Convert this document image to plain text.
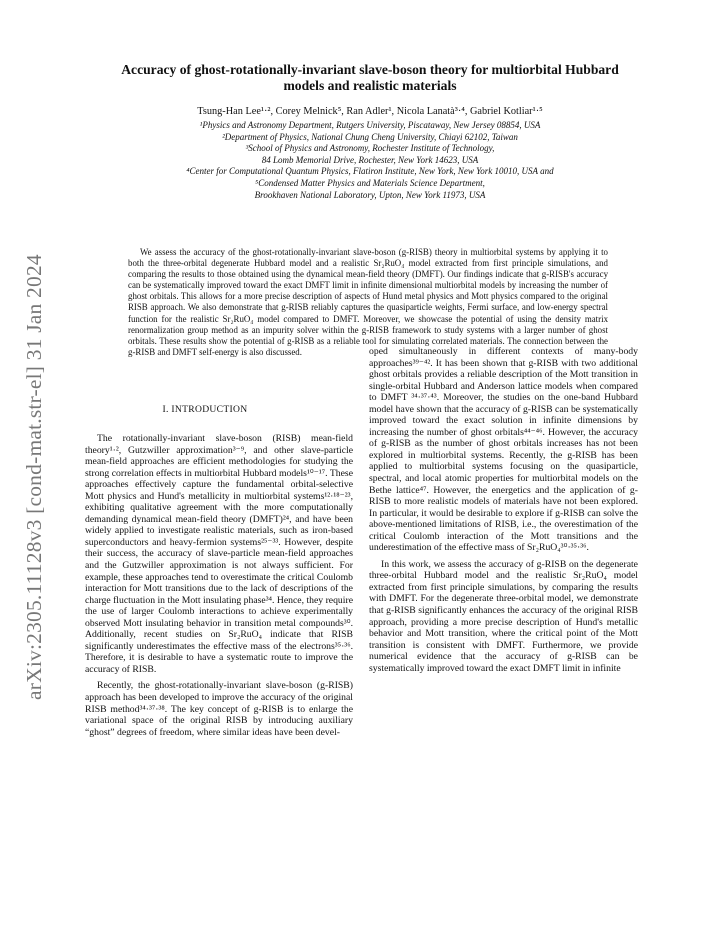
arXiv:2305.11128v3 [cond-mat.str-el] 31 Jan 2024
Accuracy of ghost-rotationally-invariant slave-boson theory for multiorbital Hubbard
models and realistic materials
Tsung-Han Lee¹·², Corey Melnick⁵, Ran Adler¹, Nicola Lanatà³·⁴, Gabriel Kotliar¹·⁵
¹Physics and Astronomy Department, Rutgers University, Piscataway, New Jersey 08854, USA
²Department of Physics, National Chung Cheng University, Chiayi 62102, Taiwan
³School of Physics and Astronomy, Rochester Institute of Technology,
84 Lomb Memorial Drive, Rochester, New York 14623, USA
⁴Center for Computational Quantum Physics, Flatiron Institute, New York, New York 10010, USA and
⁵Condensed Matter Physics and Materials Science Department,
Brookhaven National Laboratory, Upton, New York 11973, USA
We assess the accuracy of the ghost-rotationally-invariant slave-boson (g-RISB) theory in multiorbital systems by applying it to both the three-orbital degenerate Hubbard model and a realistic Sr₂RuO₄ model extracted from first principle simulations, and comparing the results to those obtained using the dynamical mean-field theory (DMFT). Our findings indicate that g-RISB's accuracy can be systematically improved toward the exact DMFT limit in infinite dimensional multiorbital models by increasing the number of ghost orbitals. This allows for a more precise description of aspects of Hund metal physics and Mott physics compared to the original RISB approach. We also demonstrate that g-RISB reliably captures the quasiparticle weights, Fermi surface, and low-energy spectral function for the realistic Sr₂RuO₄ model compared to DMFT. Moreover, we showcase the potential of using the density matrix renormalization group method as an impurity solver within the g-RISB framework to study systems with a larger number of ghost orbitals. These results show the potential of g-RISB as a reliable tool for simulating correlated materials. The connection between the g-RISB and DMFT self-energy is also discussed.
I. INTRODUCTION

The rotationally-invariant slave-boson (RISB) mean-field theory¹·², Gutzwiller approximation³⁻⁹, and other slave-particle mean-field approaches are efficient methodologies for studying the strong correlation effects in multiorbital Hubbard models¹⁰⁻¹⁷. These approaches effectively capture the fundamental orbital-selective Mott physics and Hund's metallicity in multiorbital systems¹²·¹⁸⁻²³, exhibiting qualitative agreement with the more computationally demanding dynamical mean-field theory (DMFT)²⁴, and have been widely applied to investigate realistic materials, such as iron-based superconductors and heavy-fermion systems²⁵⁻³³. However, despite their success, the accuracy of slave-particle mean-field approaches and the Gutzwiller approximation is not always sufficient. For example, these approaches tend to overestimate the critical Coulomb interaction for Mott transitions due to the lack of descriptions of the charge fluctuation in the Mott insulating phase³⁴. Hence, they require the use of larger Coulomb interactions to achieve experimentally observed Mott insulating behavior in transition metal compounds³⁰. Additionally, recent studies on Sr₂RuO₄ indicate that RISB significantly underestimates the effective mass of the electrons³⁵·³⁶. Therefore, it is desirable to have a systematic route to improve the accuracy of RISB.

Recently, the ghost-rotationally-invariant slave-boson (g-RISB) approach has been developed to improve the accuracy of the original RISB method³⁴·³⁷·³⁸. The key concept of g-RISB is to enlarge the variational space of the original RISB by introducing auxiliary “ghost” degrees of freedom, where similar ideas have been devel-

oped simultaneously in different contexts of many-body approaches³⁹⁻⁴². It has been shown that g-RISB with two additional ghost orbitals provides a reliable description of the Mott transition in single-orbital Hubbard and Anderson lattice models when compared to DMFT ³⁴·³⁷·⁴³. Moreover, the studies on the one-band Hubbard model have shown that the accuracy of g-RISB can be systematically improved toward the exact solution in infinite dimensions by increasing the number of ghost orbitals⁴⁴⁻⁴⁶. However, the accuracy of g-RISB as the number of ghost orbitals increases has not been explored in multiorbital systems. Recently, the g-RISB has been applied to multiorbital systems focusing on the quasiparticle, spectral, and local atomic properties for multiorbital models on the Bethe lattice⁴⁷. However, the energetics and the application of g-RISB to more realistic models of materials have not been explored. In particular, it would be desirable to explore if g-RISB can solve the above-mentioned limitations of RISB, i.e., the overestimation of the critical Coulomb interaction of the Mott transitions and the underestimation of the effective mass of Sr₂RuO₄³⁰·³⁵·³⁶.

In this work, we assess the accuracy of g-RISB on the degenerate three-orbital Hubbard model and the realistic Sr₂RuO₄ model extracted from first principle simulations, by comparing the results with DMFT. For the degenerate three-orbital model, we demonstrate that g-RISB significantly enhances the accuracy of the original RISB approach, providing a more precise description of Hund's metallic behavior and Mott transition, where the critical point of the Mott transition is consistent with DMFT. Furthermore, we provide numerical evidence that the accuracy of g-RISB can be systematically improved toward the exact DMFT limit in infinite
